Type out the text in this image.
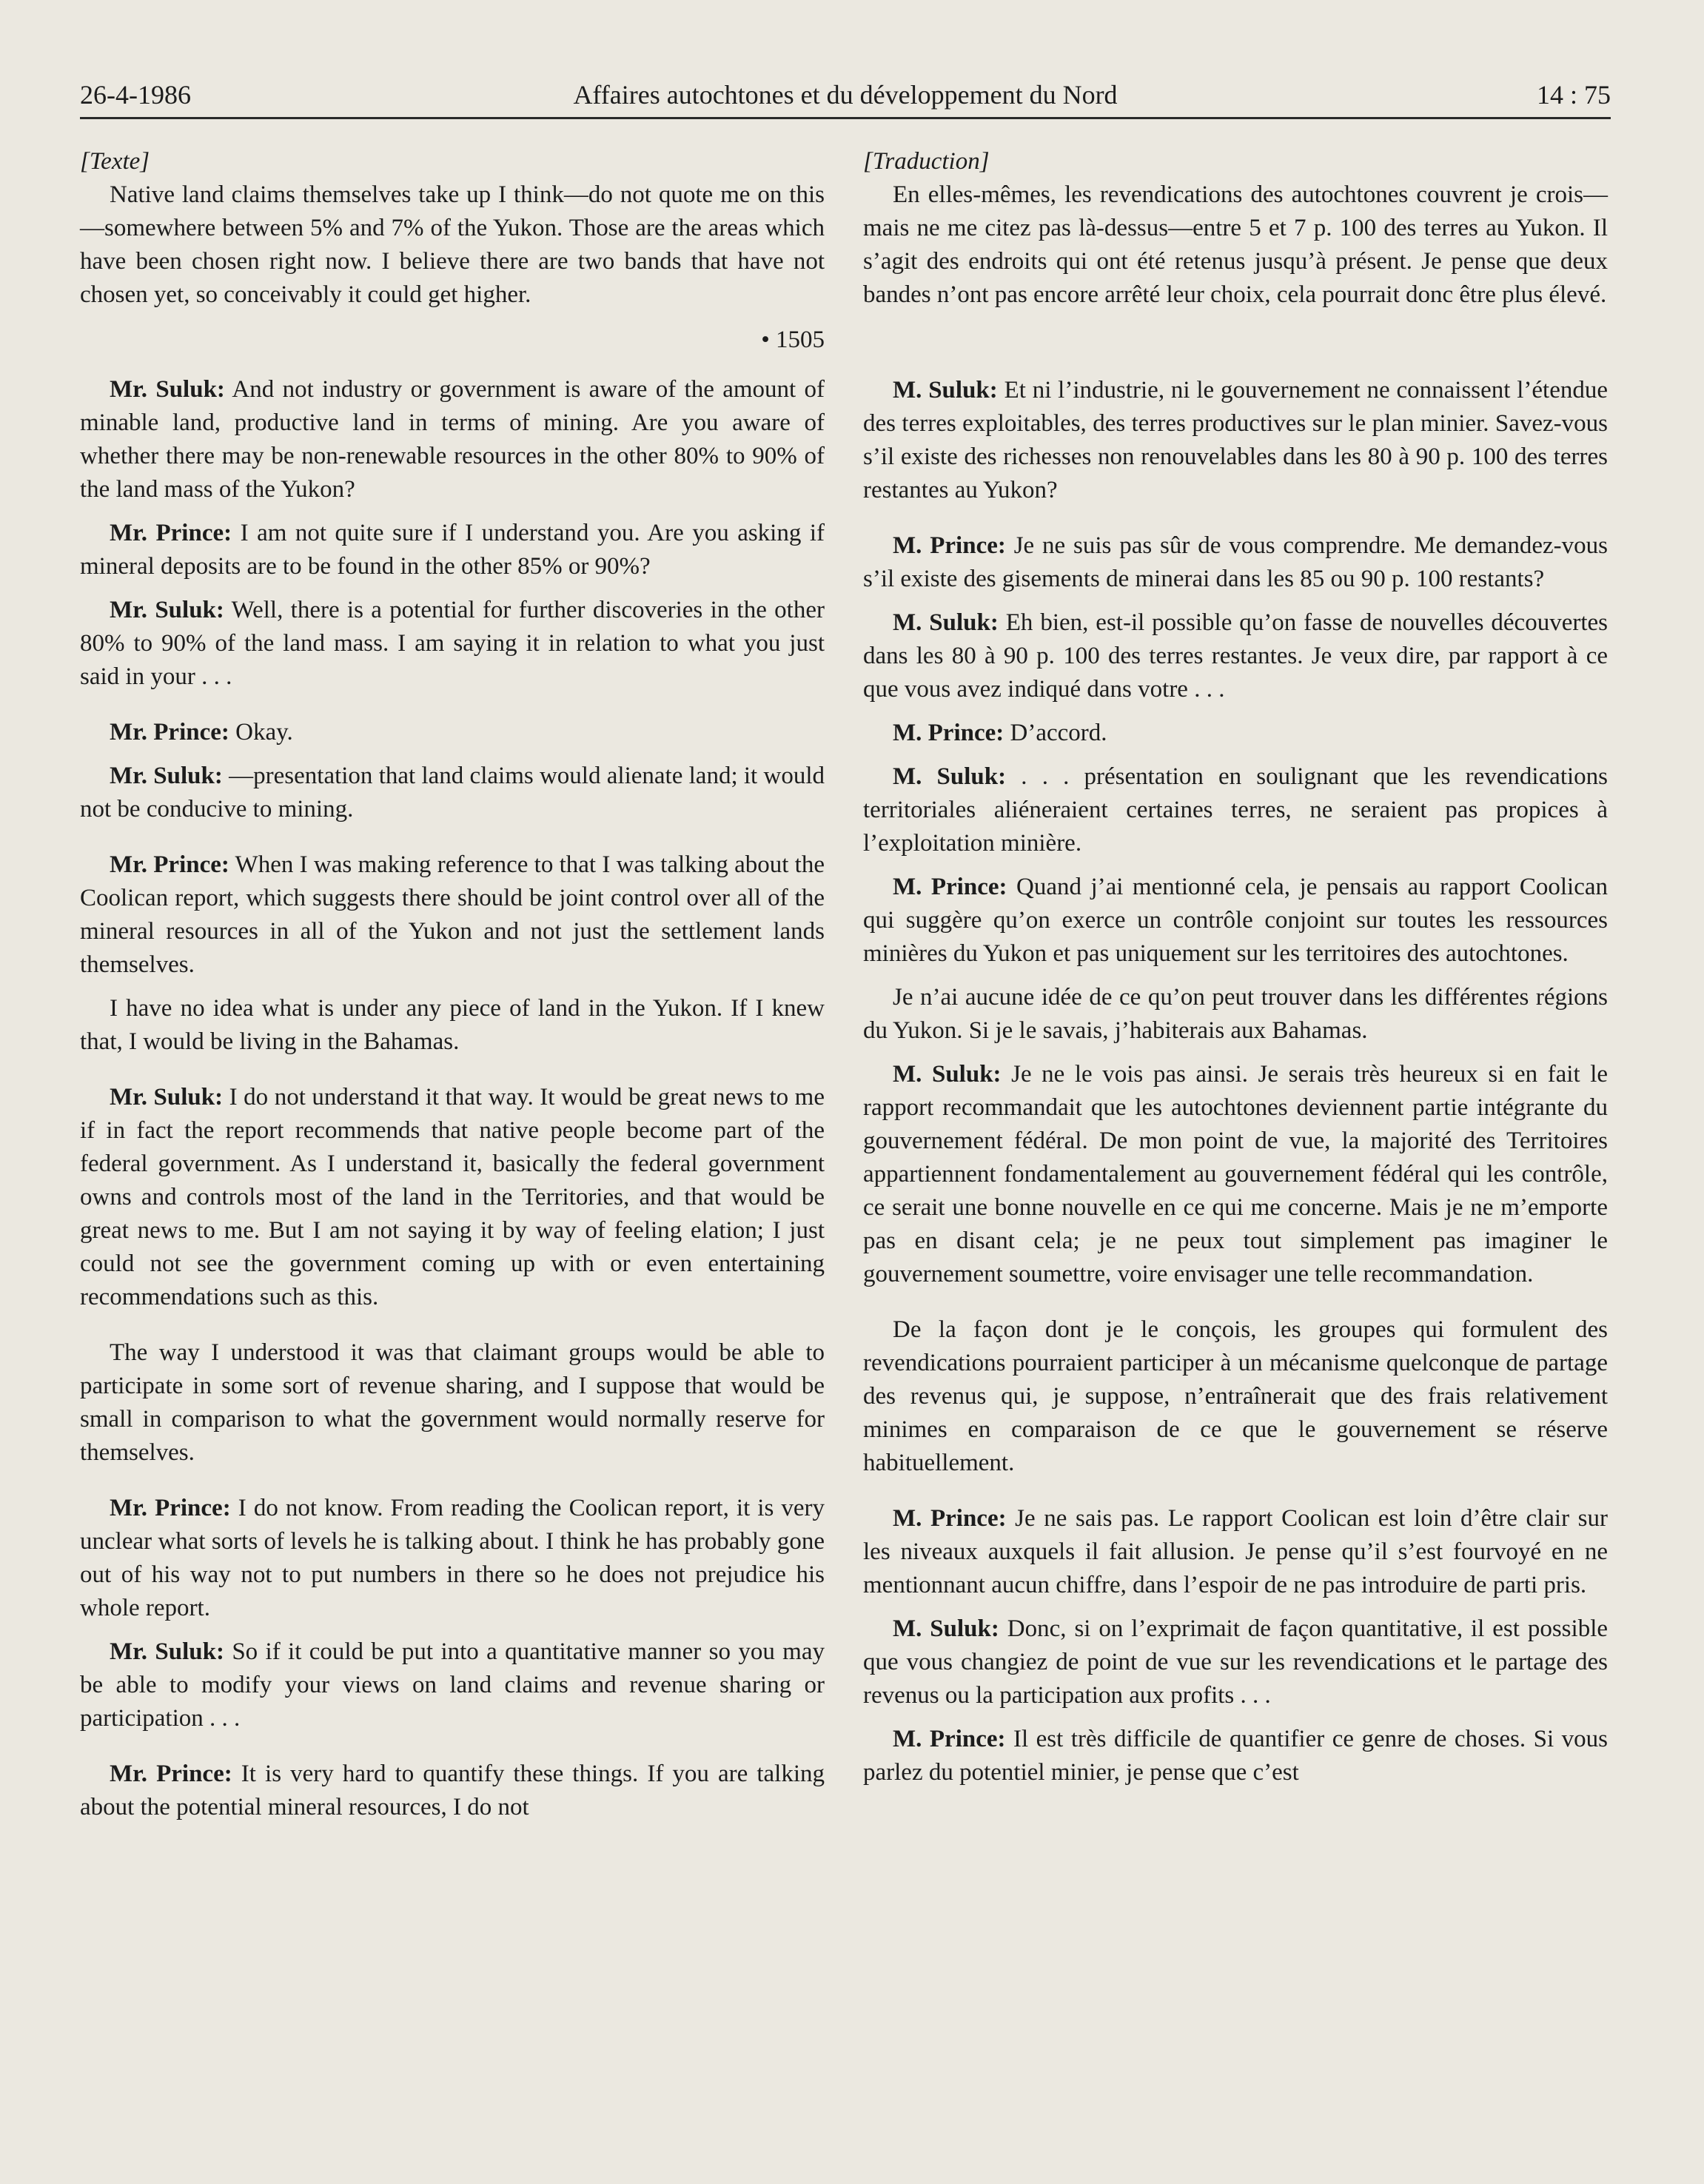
26-4-1986	Affaires autochtones et du développement du Nord	14 : 75

[Texte]

Native land claims themselves take up I think—do not quote me on this—somewhere between 5% and 7% of the Yukon. Those are the areas which have been chosen right now. I believe there are two bands that have not chosen yet, so conceivably it could get higher.

• 1505

Mr. Suluk: And not industry or government is aware of the amount of minable land, productive land in terms of mining. Are you aware of whether there may be non-renewable resources in the other 80% to 90% of the land mass of the Yukon?

Mr. Prince: I am not quite sure if I understand you. Are you asking if mineral deposits are to be found in the other 85% or 90%?

Mr. Suluk: Well, there is a potential for further discoveries in the other 80% to 90% of the land mass. I am saying it in relation to what you just said in your . . .

Mr. Prince: Okay.

Mr. Suluk: —presentation that land claims would alienate land; it would not be conducive to mining.

Mr. Prince: When I was making reference to that I was talking about the Coolican report, which suggests there should be joint control over all of the mineral resources in all of the Yukon and not just the settlement lands themselves.

I have no idea what is under any piece of land in the Yukon. If I knew that, I would be living in the Bahamas.

Mr. Suluk: I do not understand it that way. It would be great news to me if in fact the report recommends that native people become part of the federal government. As I understand it, basically the federal government owns and controls most of the land in the Territories, and that would be great news to me. But I am not saying it by way of feeling elation; I just could not see the government coming up with or even entertaining recommendations such as this.

The way I understood it was that claimant groups would be able to participate in some sort of revenue sharing, and I suppose that would be small in comparison to what the government would normally reserve for themselves.

Mr. Prince: I do not know. From reading the Coolican report, it is very unclear what sorts of levels he is talking about. I think he has probably gone out of his way not to put numbers in there so he does not prejudice his whole report.

Mr. Suluk: So if it could be put into a quantitative manner so you may be able to modify your views on land claims and revenue sharing or participation . . .

Mr. Prince: It is very hard to quantify these things. If you are talking about the potential mineral resources, I do not

[Traduction]

En elles-mêmes, les revendications des autochtones couvrent je crois—mais ne me citez pas là-dessus—entre 5 et 7 p. 100 des terres au Yukon. Il s’agit des endroits qui ont été retenus jusqu’à présent. Je pense que deux bandes n’ont pas encore arrêté leur choix, cela pourrait donc être plus élevé.

M. Suluk: Et ni l’industrie, ni le gouvernement ne connaissent l’étendue des terres exploitables, des terres productives sur le plan minier. Savez-vous s’il existe des richesses non renouvelables dans les 80 à 90 p. 100 des terres restantes au Yukon?

M. Prince: Je ne suis pas sûr de vous comprendre. Me demandez-vous s’il existe des gisements de minerai dans les 85 ou 90 p. 100 restants?

M. Suluk: Eh bien, est-il possible qu’on fasse de nouvelles découvertes dans les 80 à 90 p. 100 des terres restantes. Je veux dire, par rapport à ce que vous avez indiqué dans votre . . .

M. Prince: D’accord.

M. Suluk: . . . présentation en soulignant que les revendications territoriales aliéneraient certaines terres, ne seraient pas propices à l’exploitation minière.

M. Prince: Quand j’ai mentionné cela, je pensais au rapport Coolican qui suggère qu’on exerce un contrôle conjoint sur toutes les ressources minières du Yukon et pas uniquement sur les territoires des autochtones.

Je n’ai aucune idée de ce qu’on peut trouver dans les différentes régions du Yukon. Si je le savais, j’habiterais aux Bahamas.

M. Suluk: Je ne le vois pas ainsi. Je serais très heureux si en fait le rapport recommandait que les autochtones deviennent partie intégrante du gouvernement fédéral. De mon point de vue, la majorité des Territoires appartiennent fondamentalement au gouvernement fédéral qui les contrôle, ce serait une bonne nouvelle en ce qui me concerne. Mais je ne m’emporte pas en disant cela; je ne peux tout simplement pas imaginer le gouvernement soumettre, voire envisager une telle recommandation.

De la façon dont je le conçois, les groupes qui formulent des revendications pourraient participer à un mécanisme quelconque de partage des revenus qui, je suppose, n’entraînerait que des frais relativement minimes en comparaison de ce que le gouvernement se réserve habituellement.

M. Prince: Je ne sais pas. Le rapport Coolican est loin d’être clair sur les niveaux auxquels il fait allusion. Je pense qu’il s’est fourvoyé en ne mentionnant aucun chiffre, dans l’espoir de ne pas introduire de parti pris.

M. Suluk: Donc, si on l’exprimait de façon quantitative, il est possible que vous changiez de point de vue sur les revendications et le partage des revenus ou la participation aux profits . . .

M. Prince: Il est très difficile de quantifier ce genre de choses. Si vous parlez du potentiel minier, je pense que c’est
